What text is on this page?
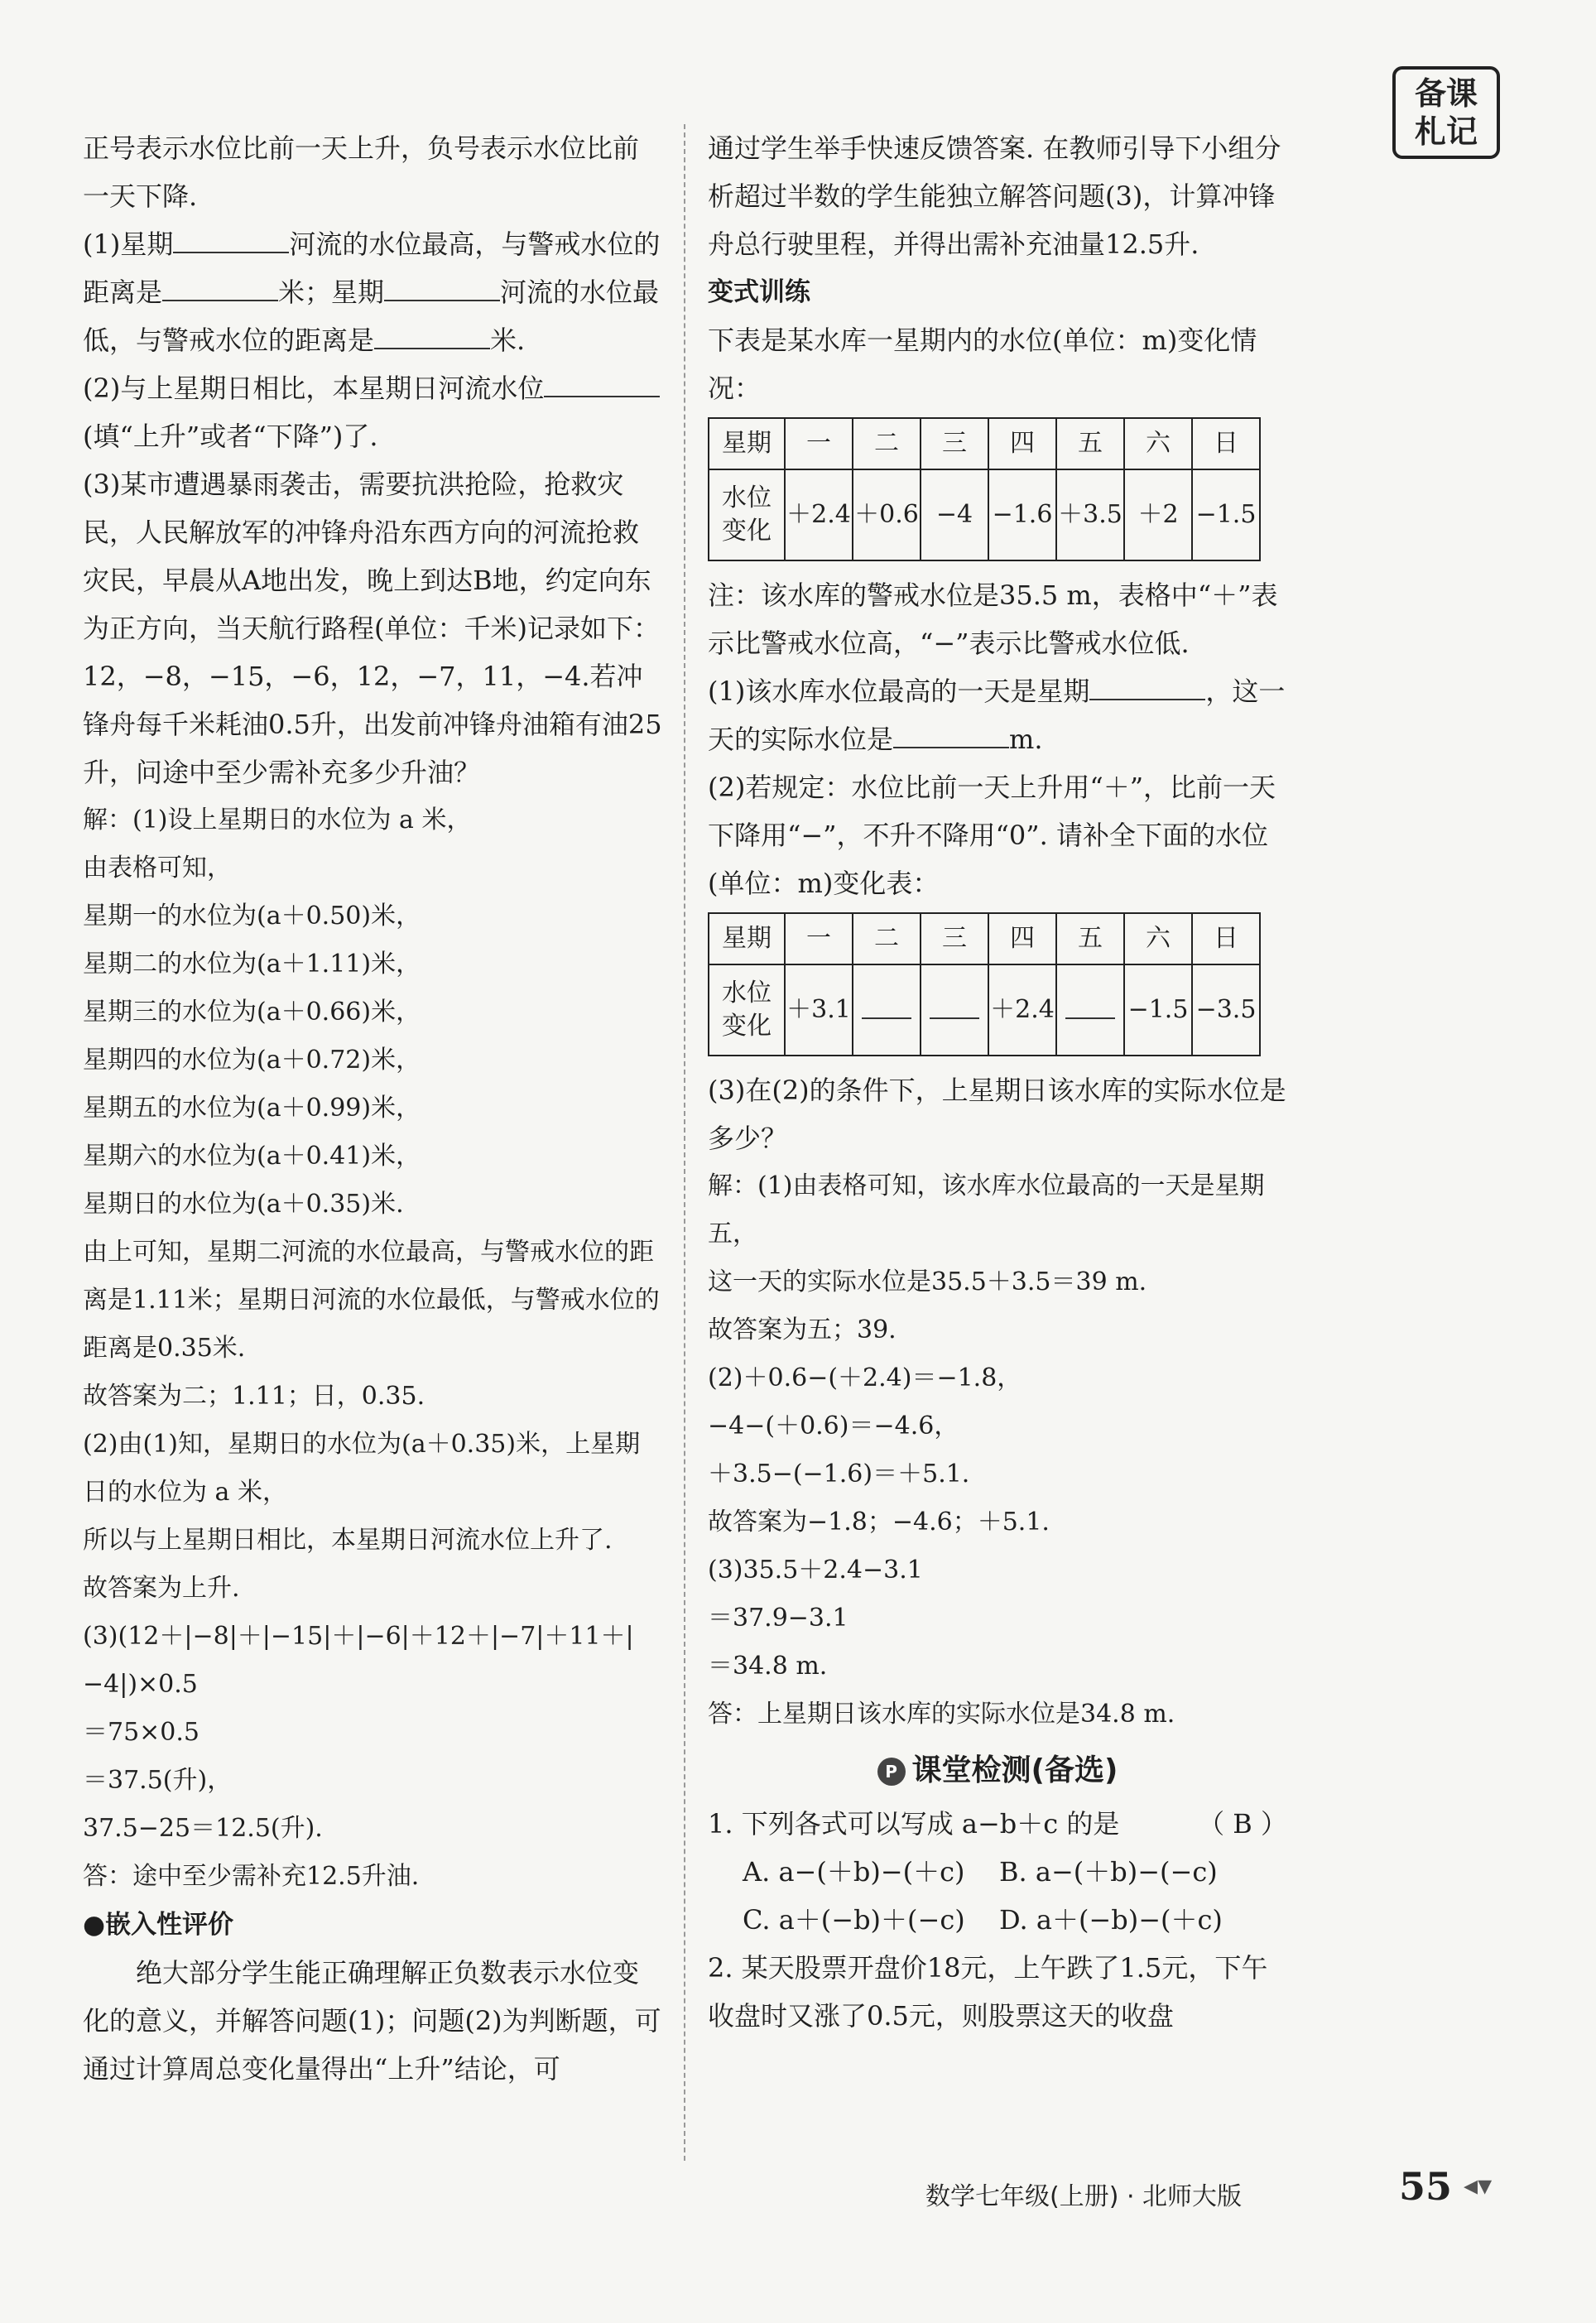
备课
札记

正号表示水位比前一天上升，负号表示水位比前一天下降.

(1)星期	河流的水位最高，与警戒水位的距离是	米；星期	河流的水位最低，与警戒水位的距离是	米.

(2)与上星期日相比，本星期日河流水位(填“上升”或者“下降”)了.

(3)某市遭遇暴雨袭击，需要抗洪抢险，抢救灾民，人民解放军的冲锋舟沿东西方向的河流抢救灾民，早晨从A地出发，晚上到达B地，约定向东为正方向，当天航行路程(单位：千米)记录如下：12，−8，−15，−6，12，−7，11，−4.若冲锋舟每千米耗油0.5升，出发前冲锋舟油箱有油25升，问途中至少需补充多少升油？

解：(1)设上星期日的水位为 a 米，

由表格可知，

星期一的水位为(a＋0.50)米，

星期二的水位为(a＋1.11)米，

星期三的水位为(a＋0.66)米，

星期四的水位为(a＋0.72)米，

星期五的水位为(a＋0.99)米，

星期六的水位为(a＋0.41)米，

星期日的水位为(a＋0.35)米.

由上可知，星期二河流的水位最高，与警戒水位的距离是1.11米；星期日河流的水位最低，与警戒水位的距离是0.35米.

故答案为二；1.11；日，0.35.

(2)由(1)知，星期日的水位为(a＋0.35)米，上星期日的水位为 a 米，

所以与上星期日相比，本星期日河流水位上升了.

故答案为上升.

(3)(12＋|−8|＋|−15|＋|−6|＋12＋|−7|＋11＋|−4|)×0.5

＝75×0.5

＝37.5(升)，

37.5−25＝12.5(升).

答：途中至少需补充12.5升油.

●嵌入性评价

绝大部分学生能正确理解正负数表示水位变化的意义，并解答问题(1)；问题(2)为判断题，可通过计算周总变化量得出“上升”结论，可

通过学生举手快速反馈答案. 在教师引导下小组分析超过半数的学生能独立解答问题(3)，计算冲锋舟总行驶里程，并得出需补充油量12.5升.

变式训练

下表是某水库一星期内的水位(单位：m)变化情况：

星期	一	二	三	四	五	六	日
水位变化	＋2.4	＋0.6	−4	−1.6	＋3.5	＋2	−1.5

注：该水库的警戒水位是35.5 m，表格中“＋”表示比警戒水位高，“−”表示比警戒水位低.

(1)该水库水位最高的一天是星期	，这一天的实际水位是	m.

(2)若规定：水位比前一天上升用“＋”，比前一天下降用“−”，不升不降用“0”. 请补全下面的水位(单位：m)变化表：

星期	一	二	三	四	五	六	日
水位变化	＋3.1			＋2.4		−1.5	−3.5

(3)在(2)的条件下，上星期日该水库的实际水位是多少？

解：(1)由表格可知，该水库水位最高的一天是星期五，

这一天的实际水位是35.5＋3.5＝39 m.

故答案为五；39.

(2)＋0.6−(＋2.4)＝−1.8，

−4−(＋0.6)＝−4.6，

＋3.5−(−1.6)＝＋5.1.

故答案为−1.8；−4.6；＋5.1.

(3)35.5＋2.4−3.1

＝37.9−3.1

＝34.8 m.

答：上星期日该水库的实际水位是34.8 m.

P 课堂检测(备选)

1. 下列各式可以写成 a−b＋c 的是	（ B ）

A. a−(＋b)−(＋c) B. a−(＋b)−(−c)

C. a＋(−b)＋(−c) D. a＋(−b)−(＋c)

2. 某天股票开盘价18元，上午跌了1.5元，下午收盘时又涨了0.5元，则股票这天的收盘

数学七年级(上册) · 北师大版	55 ◂▾
